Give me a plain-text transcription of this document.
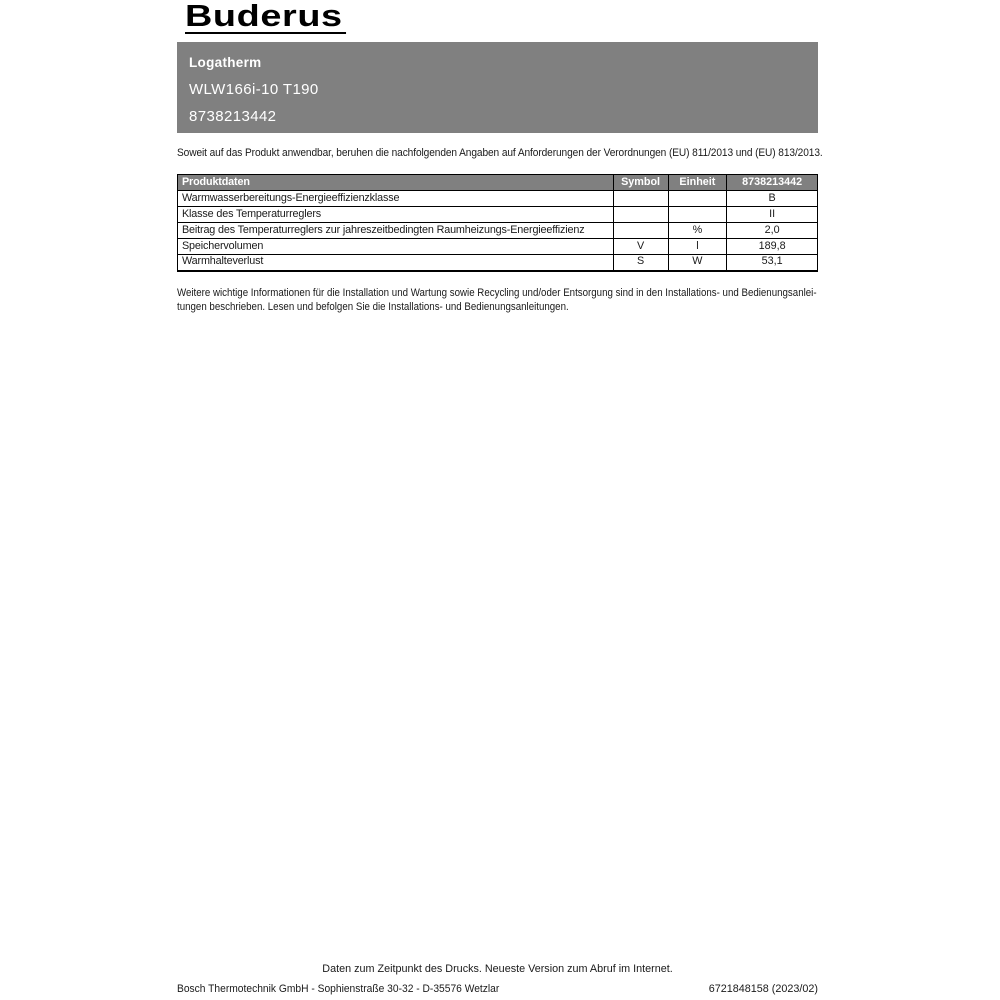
Buderus
Logatherm
WLW166i-10 T190
8738213442
Soweit auf das Produkt anwendbar, beruhen die nachfolgenden Angaben auf Anforderungen der Verordnungen (EU) 811/2013 und (EU) 813/2013.
Produktdaten	Symbol	Einheit	8738213442
Warmwasserbereitungs-Energieeffizienzklasse			B
Klasse des Temperaturreglers			II
Beitrag des Temperaturreglers zur jahreszeitbedingten Raumheizungs-Energieeffizienz		%	2,0
Speichervolumen	V	l	189,8
Warmhalteverlust	S	W	53,1
Weitere wichtige Informationen für die Installation und Wartung sowie Recycling und/oder Entsorgung sind in den Installations- und Bedienungsanlei-
tungen beschrieben. Lesen und befolgen Sie die Installations- und Bedienungsanleitungen.
Daten zum Zeitpunkt des Drucks. Neueste Version zum Abruf im Internet.
Bosch Thermotechnik GmbH - Sophienstraße 30-32 - D-35576 Wetzlar	6721848158 (2023/02)
